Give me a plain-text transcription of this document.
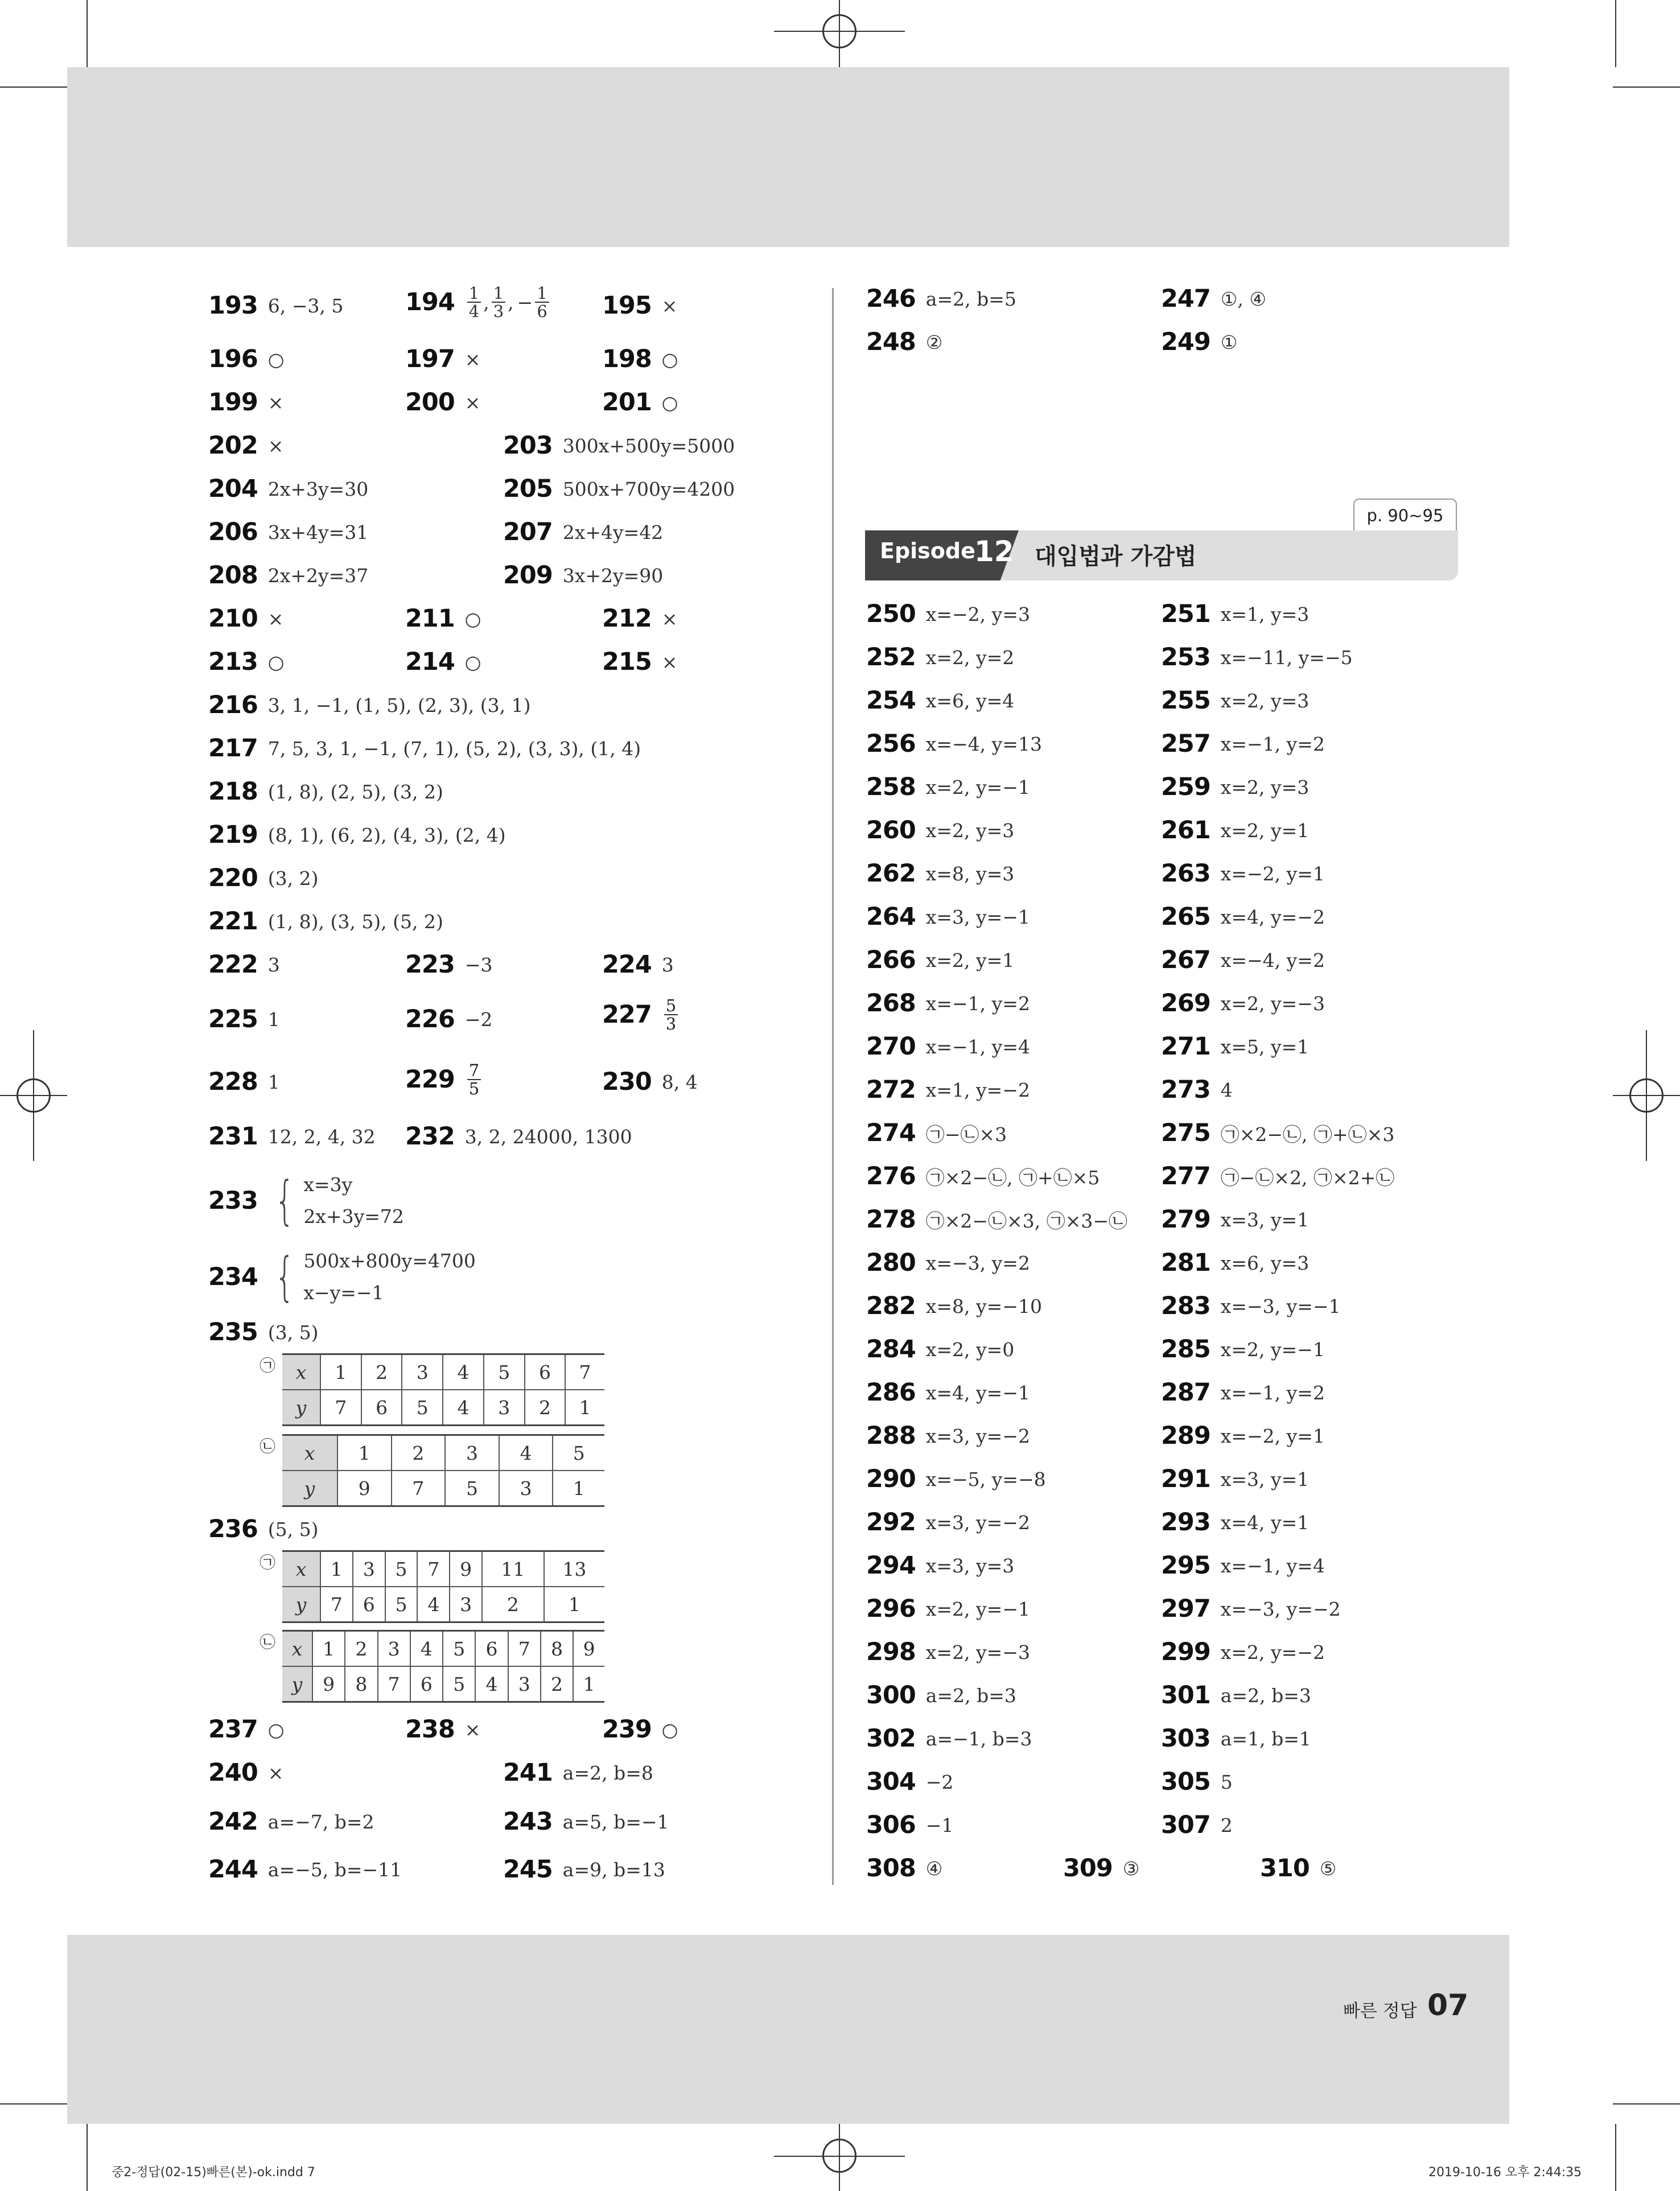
193 6, −3, 5	$194 \frac{1}{4}$ , $\frac{1}{3}$ , − $\frac{1}{6} 195$ ×
196 ○	197 ×	198 ○
199 ×	200 ×	201 ○
202 ×	203 300x+500y=5000
204 2x+3y=30	205 500x+700y=4200
206 3x+4y=31	207 2x+4y=42
208 2x+2y=37	209 3x+2y=90
210 ×	211 ○	212 ×
213 ○	214 ○	215 ×
216 3, 1, −1, (1, 5), (2, 3), (3, 1)
217 7, 5, 3, 1, −1, (7, 1), (5, 2), (3, 3), (1, 4)
218 (1, 8), (2, 5), (3, 2)
219 (8, 1), (6, 2), (4, 3), (2, 4)
220 (3, 2)
221 (1, 8), (3, 5), (5, 2)
222 3	223 −3	224 3
225 1	226 −2	$227 \frac{5}{3}$
228 1	$229 \frac{7}{5}$	230 8, 4
231 12, 2, 4, 32 232 3, 2, 24000, 1300
233 { x=3y
2x+3y=72
234 { 500x+800y=4700
x−y=−1
235 (3, 5)
㉠ x	1	2	3	4	5	6	7
y	7	6	5	4	3	2	1
㉡ x	1	2	3	4	5
y	9	7	5	3	1
236 (5, 5)
㉠ x	1	3	5	7	9	11	13
y	7	6	5	4	3	2	1
㉡ x	1	2	3	4	5	6	7	8	9
y	9	8	7	6	5	4	3	2	1
237 ○	238 ×	239 ○
240 ×	241 a=2, b=8
242 a=−7, b=2	243 a=5, b=−1
244 a=−5, b=−11	245 a=9, b=13
246 a=2, b=5	247 ①, ④
248 ②	249 ①
250 x=−2, y=3	251 x=1, y=3
252 x=2, y=2	253 x=−11, y=−5
254 x=6, y=4	255 x=2, y=3
256 x=−4, y=13	257 x=−1, y=2
258 x=2, y=−1	259 x=2, y=3
260 x=2, y=3	261 x=2, y=1
262 x=8, y=3	263 x=−2, y=1
264 x=3, y=−1	265 x=4, y=−2
266 x=2, y=1	267 x=−4, y=2
268 x=−1, y=2	269 x=2, y=−3
270 x=−1, y=4	271 x=5, y=1
272 x=1, y=−2	273 4
274 ㉠−㉡×3	275 ㉠×2−㉡, ㉠+㉡×3
276 ㉠×2−㉡, ㉠+㉡×5	277 ㉠−㉡×2, ㉠×2+㉡
278 ㉠×2−㉡×3, ㉠×3−㉡ 279 x=3, y=1
280 x=−3, y=2	281 x=6, y=3
282 x=8, y=−10	283 x=−3, y=−1
284 x=2, y=0	285 x=2, y=−1
286 x=4, y=−1	287 x=−1, y=2
288 x=3, y=−2	289 x=−2, y=1
290 x=−5, y=−8	291 x=3, y=1
292 x=3, y=−2	293 x=4, y=1
294 x=3, y=3	295 x=−1, y=4
296 x=2, y=−1	297 x=−3, y=−2
298 x=2, y=−3	299 x=2, y=−2
300 a=2, b=3	301 a=2, b=3
302 a=−1, b=3	303 a=1, b=1
304 −2	305 5
306 −1	307 2
308 ④	309 ③	310 ⑤
p. 90~95
Episode
12 대입법과 가감법
빠른 정답 07
중2-정답(02-15)빠른(본)-ok.indd 7	2019-10-16 오후 2:44:35
